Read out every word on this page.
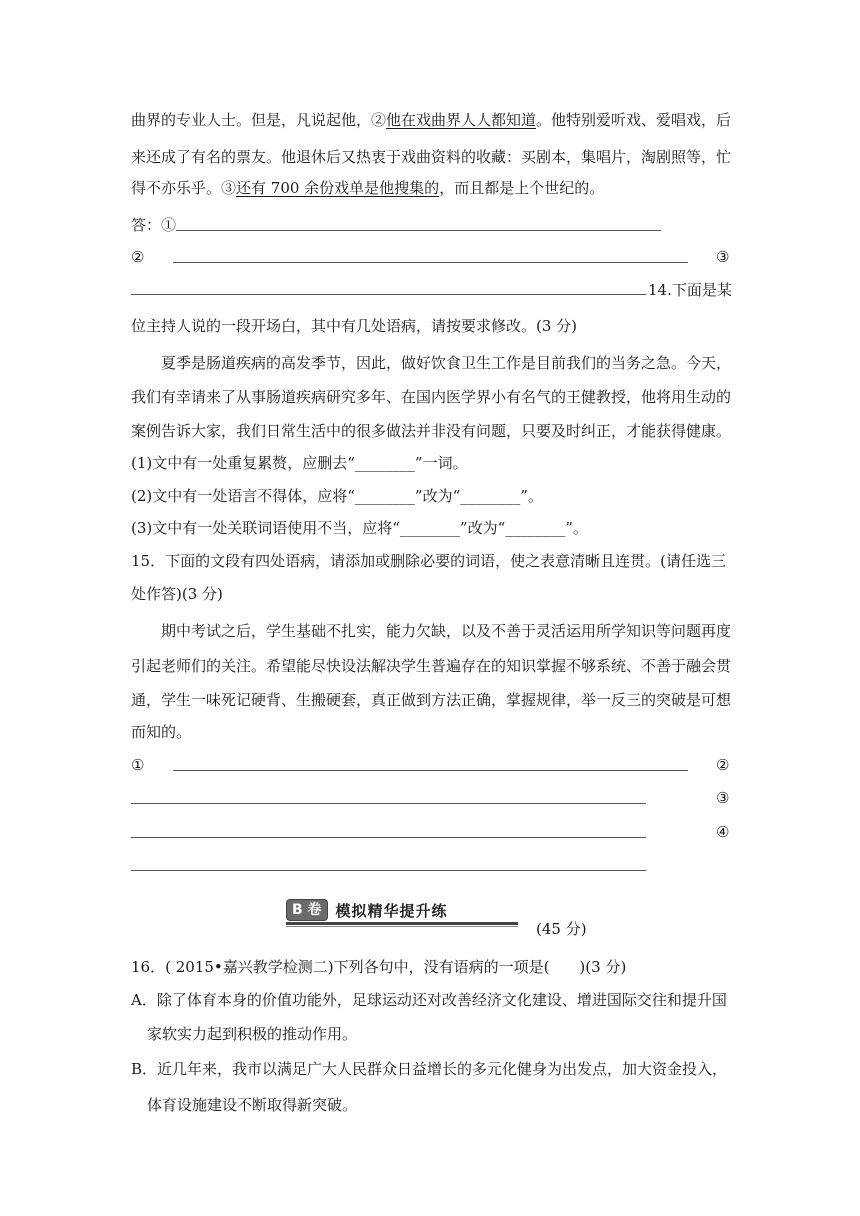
曲界的专业人士。但是，凡说起他，②他在戏曲界人人都知道。他特别爱听戏、爱唱戏，后
来还成了有名的票友。他退休后又热衷于戏曲资料的收藏：买剧本，集唱片，淘剧照等，忙
得不亦乐乎。③还有 700 余份戏单是他搜集的，而且都是上个世纪的。
答：①
②	③
14.下面是某
位主持人说的一段开场白，其中有几处语病，请按要求修改。(3 分)
夏季是肠道疾病的高发季节，因此，做好饮食卫生工作是目前我们的当务之急。今天，
我们有幸请来了从事肠道疾病研究多年、在国内医学界小有名气的王健教授，他将用生动的
案例告诉大家，我们日常生活中的很多做法并非没有问题，只要及时纠正，才能获得健康。
(1)文中有一处重复累赘，应删去“________”一词。
(2)文中有一处语言不得体，应将“________”改为“________”。
(3)文中有一处关联词语使用不当，应将“________”改为“________”。
15．下面的文段有四处语病，请添加或删除必要的词语，使之表意清晰且连贯。(请任选三
处作答)(3 分)
期中考试之后，学生基础不扎实，能力欠缺，以及不善于灵活运用所学知识等问题再度
引起老师们的关注。希望能尽快设法解决学生普遍存在的知识掌握不够系统、不善于融会贯
通，学生一味死记硬背、生搬硬套，真正做到方法正确，掌握规律，举一反三的突破是可想
而知的。
①	②
③
④
B 卷 模拟精华提升练
(45 分)
16．( 2015•嘉兴教学检测二)下列各句中，没有语病的一项是(　　)(3 分)
A．除了体育本身的价值功能外，足球运动还对改善经济文化建设、增进国际交往和提升国
家软实力起到积极的推动作用。
B．近几年来，我市以满足广大人民群众日益增长的多元化健身为出发点，加大资金投入，
体育设施建设不断取得新突破。
